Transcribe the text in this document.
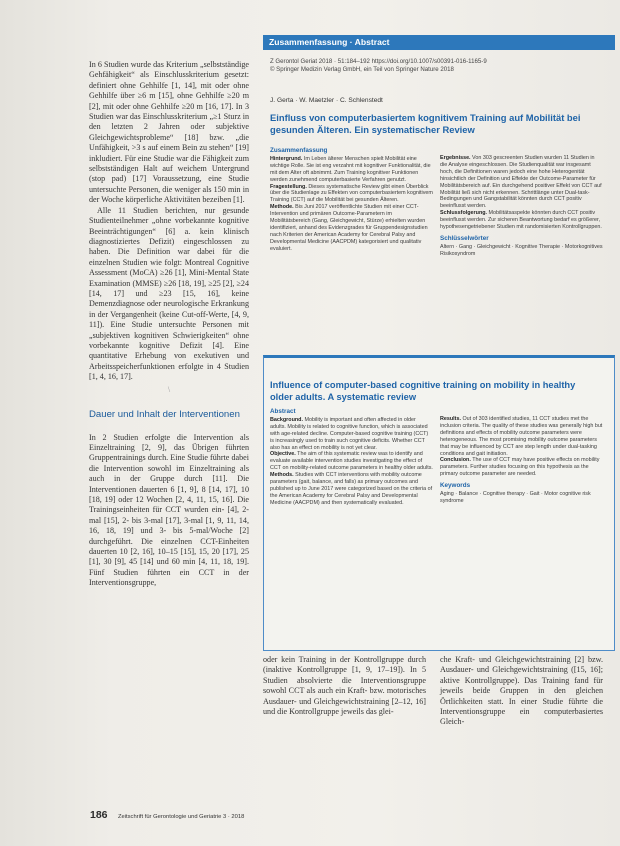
In 6 Studien wurde das Kriterium „selbstständige Gehfähigkeit“ als Einschlusskriterium gesetzt: definiert ohne Gehhilfe [1, 14], mit oder ohne Gehhilfe über ≥6 m [15], ohne Gehhilfe ≥20 m [2], mit oder ohne Gehhilfe ≥20 m [16, 17]. In 3 Studien war das Einschlusskriterium „≥1 Sturz in den letzten 2 Jahren oder subjektive Gleichgewichtsprobleme“ [18] bzw. „die Unfähigkeit, >3 s auf einem Bein zu stehen“ [19] inkludiert. Für eine Studie war die Fähigkeit zum selbstständigen Halt auf weichem Untergrund (stop pad) [17] Voraussetzung, eine Studie untersuchte Personen, die weniger als 150 min in der Woche körperliche Aktivitäten bezeiben [1].

Alle 11 Studien berichten, nur gesunde Studienteilnehmer „ohne vorbekannte kognitive Beeinträchtigungen“ [6] a. kein klinisch diagnostiziertes Defizit) eingeschlossen zu haben. Die Definition war dabei für die einzelnen Studien wie folgt: Montreal Cognitive Assessment (MoCA) ≥26 [1], Mini-Mental State Examination (MMSE) ≥26 [18, 19], ≥25 [2], ≥24 [14, 17] und ≥23 [15, 16], keine Demenzdiagnose oder neurologische Erkrankung in der Vergangenheit (keine Cut-off-Werte, [4, 9, 11]). Eine Studie untersuchte Personen mit „subjektiven kognitiven Schwierigkeiten“ ohne vorbekannte kognitive Defizit [4]. Eine quantitative Erhebung von exekutiven und Arbeitsspeicherfunktionen erfolgte in 4 Studien [1, 4, 16, 17].

\
Dauer und Inhalt der Interventionen

In 2 Studien erfolgte die Intervention als Einzeltraining [2, 9], das Übrigen führten Gruppentrainings durch. Eine Studie führte dabei die Intervention sowohl im Einzeltraining als auch in der Gruppe durch [11]. Die Interventionen dauerten 6 [1, 9], 8 [14, 17], 10 [18, 19] oder 12 Wochen [2, 4, 11, 15, 16]. Die Trainingseinheiten für CCT wurden ein- [4], 2-mal [15], 2- bis 3-mal [17], 3-mal [1, 9, 11, 14, 16, 18, 19] und 3- bis 5-mal/Woche [2] durchgeführt. Die einzelnen CCT-Einheiten dauerten 10 [2, 16], 10–15 [15], 15, 20 [17], 25 [1], 30 [9], 45 [14] und 60 min [4, 11, 18, 19]. Fünf Studien führten ein CCT in der Interventionsgruppe,

Zusammenfassung · Abstract
Z Gerontol Geriat 2018 · 51:184–192 https://doi.org/10.1007/s00391-016-1165-9
© Springer Medizin Verlag GmbH, ein Teil von Springer Nature 2018
J. Gerta · W. Maetzler · C. Schlenstedt
Einfluss von computerbasiertem kognitivem Training auf Mobilität bei gesunden Älteren. Ein systematischer Review
Zusammenfassung
Hintergrund. Im Leben älterer Menschen spielt Mobilität eine wichtige Rolle. Sie ist eng verzahnt mit kognitiver Funktionalität, die mit dem Alter oft abnimmt. Zum Training kognitiver Funktionen werden zunehmend computerbasierte Verfahren genutzt.
Fragestellung. Dieses systematische Review gibt einen Überblick über die Studienlage zu Effekten von computerbasiertem kognitivem Training (CCT) auf die Mobilität bei gesunden Älteren.
Methode. Bis Juni 2017 veröffentlichte Studien mit einer CCT-Intervention und primären Outcome-Parametern im Mobilitätsbereich (Gang, Gleichgewicht, Stürze) erhielten wurden identifiziert, anhand des Evidenzgrades für Gruppendesignstudien nach Kriterien der American Academy for Cerebral Palsy and Developmental Medicine (AACPDM) kategorisiert und qualitativ evaluiert.
Ergebnisse. Von 303 gescreenten Studien wurden 11 Studien in die Analyse eingeschlossen. Die Studienqualität war insgesamt hoch, die Definitionen waren jedoch eine hohe Heterogenität hinsichtlich der Definition und Effekte der Outcome-Parameter für Mobilitätsbereich auf. Ein durchgehend positiver Effekt von CCT auf Mobilität ließ sich nicht erkennen. Schrittlänge unter Dual-task-Bedingungen und Gangstabilität könnten durch CCT positiv beeinflusst werden.
Schlussfolgerung. Mobilitätsaspekte könnten durch CCT positiv beeinflusst werden. Zur sicheren Beantwortung bedarf es größerer, hypothesengetriebener Studien mit randomisierten Kontrollgruppen.
Schlüsselwörter
Altern · Gang · Gleichgewicht · Kognitive Therapie · Motorkognitives Risikosyndrom
Influence of computer-based cognitive training on mobility in healthy older adults. A systematic review
Abstract
Background. Mobility is important and often affected in older adults. Mobility is related to cognitive function, which is associated with age-related decline. Computer-based cognitive training (CCT) is increasingly used to train such cognitive deficits. Whether CCT also has an effect on mobility is not yet clear.
Objective. The aim of this systematic review was to identify and evaluate available intervention studies investigating the effect of CCT on mobility-related outcome parameters in healthy older adults.
Methods. Studies with CCT interventions with mobility outcome parameters (gait, balance, and falls) as primary outcomes and published up to June 2017 were categorized based on the criteria of the American Academy for Cerebral Palsy and Developmental Medicine (AACPDM) and then systematically evaluated.
Results. Out of 303 identified studies, 11 CCT studies met the inclusion criteria. The quality of these studies was generally high but definitions and effects of mobility outcome parameters were heterogeneous. The most promising mobility outcome parameters that may be influenced by CCT are step length under dual-tasking conditions and gait initiation.
Conclusion. The use of CCT may have positive effects on mobility parameters. Further studies focusing on this hypothesis as the primary outcome parameter are needed.
Keywords
Aging · Balance · Cognitive therapy · Gait · Motor cognitive risk syndrome
oder kein Training in der Kontrollgruppe durch (inaktive Kontrollgruppe [1, 9, 17–19]). In 5 Studien absolvierte die Interventionsgruppe sowohl CCT als auch ein Kraft- bzw. motorisches Ausdauer- und Gleichgewichtstraining [2–12, 16] und die Kontrollgruppe jeweils das glei-
che Kraft- und Gleichgewichtstraining [2] bzw. Ausdauer- und Gleichgewichtstraining ([15, 16]; aktive Kontrollgruppe). Das Training fand für jeweils beide Gruppen in den gleichen Örtlichkeiten statt. In einer Studie führte die Interventionsgruppe ein computerbasiertes Gleich-
186 Zeitschrift für Gerontologie und Geriatrie 3 · 2018
